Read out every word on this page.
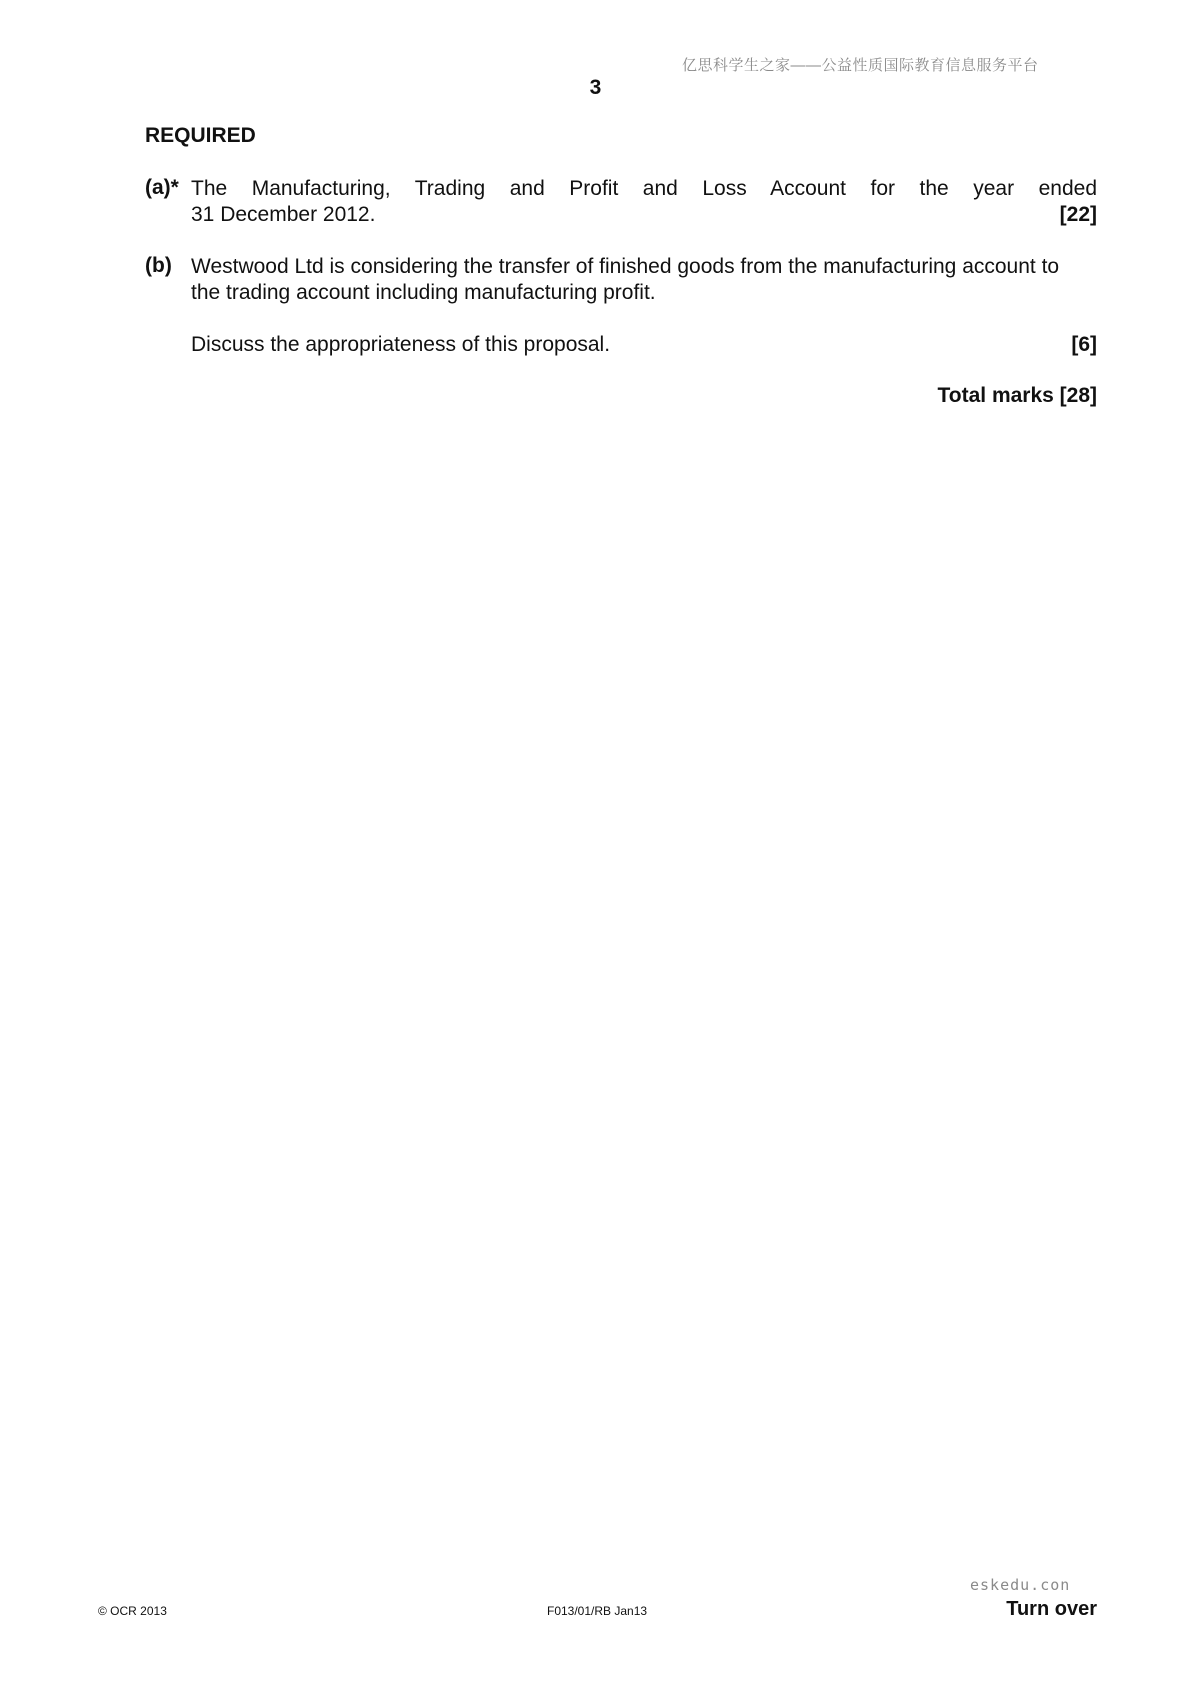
亿思科学生之家——公益性质国际教育信息服务平台
3
REQUIRED
(a)* The Manufacturing, Trading and Profit and Loss Account for the year ended
31 December 2012.	[22]
(b) Westwood Ltd is considering the transfer of finished goods from the manufacturing account to
the trading account including manufacturing profit.
Discuss the appropriateness of this proposal.	[6]
Total marks [28]
eskedu.con
© OCR 2013	F013/01/RB Jan13	Turn over
